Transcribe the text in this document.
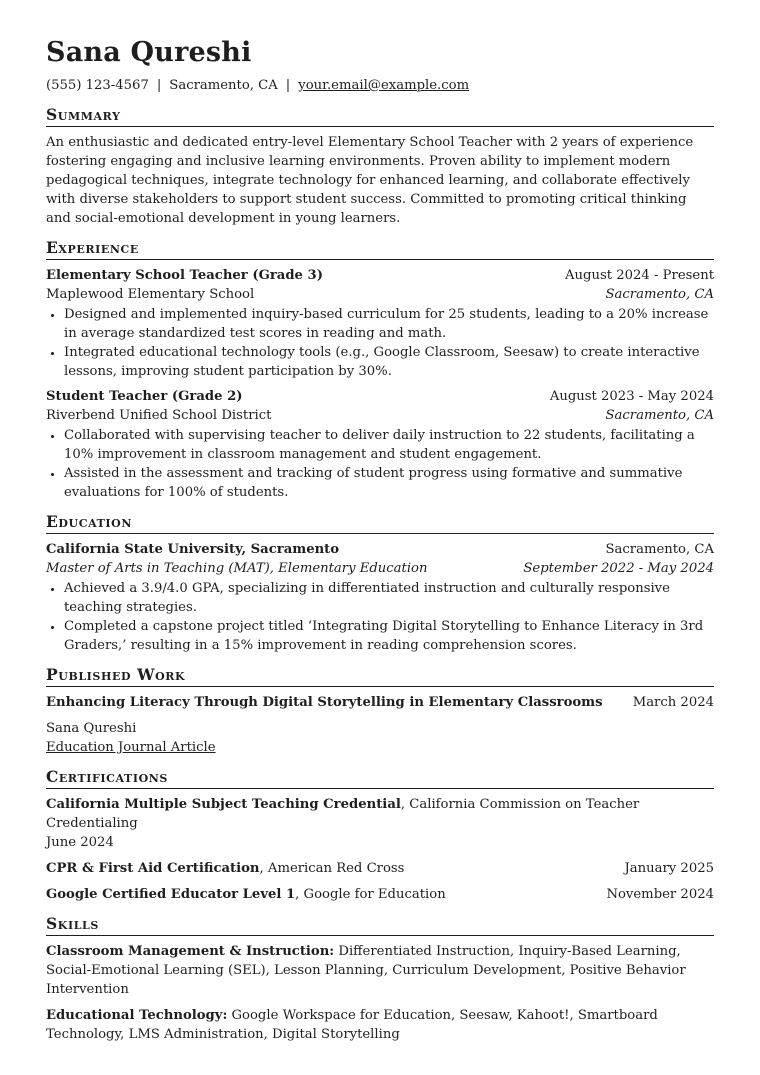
Sana Qureshi
(555) 123-4567 | Sacramento, CA | your.email@example.com
Summary

An enthusiastic and dedicated entry-level Elementary School Teacher with 2 years of experience fostering engaging and inclusive learning environments. Proven ability to implement modern pedagogical techniques, integrate technology for enhanced learning, and collaborate effectively with diverse stakeholders to support student success. Committed to promoting critical thinking and social-emotional development in young learners.

Experience
Elementary School Teacher (Grade 3)	August 2024 - Present
Maplewood Elementary School	Sacramento, CA
• Designed and implemented inquiry-based curriculum for 25 students, leading to a 20% increase in average standardized test scores in reading and math.
• Integrated educational technology tools (e.g., Google Classroom, Seesaw) to create interactive lessons, improving student participation by 30%.
Student Teacher (Grade 2)	August 2023 - May 2024
Riverbend Unified School District	Sacramento, CA
• Collaborated with supervising teacher to deliver daily instruction to 22 students, facilitating a 10% improvement in classroom management and student engagement.
• Assisted in the assessment and tracking of student progress using formative and summative evaluations for 100% of students.
Education
California State University, Sacramento	Sacramento, CA
Master of Arts in Teaching (MAT), Elementary Education	September 2022 - May 2024
• Achieved a 3.9/4.0 GPA, specializing in differentiated instruction and culturally responsive teaching strategies.
• Completed a capstone project titled ‘Integrating Digital Storytelling to Enhance Literacy in 3rd Graders,’ resulting in a 15% improvement in reading comprehension scores.
Published Work
Enhancing Literacy Through Digital Storytelling in Elementary Classrooms March 2024
Sana Qureshi
Education Journal Article
Certifications
California Multiple Subject Teaching Credential, California Commission on Teacher Credentialing
June 2024
CPR & First Aid Certification, American Red Cross	January 2025
Google Certified Educator Level 1, Google for Education	November 2024
Skills
Classroom Management & Instruction: Differentiated Instruction, Inquiry-Based Learning, Social-Emotional Learning (SEL), Lesson Planning, Curriculum Development, Positive Behavior Intervention
Educational Technology: Google Workspace for Education, Seesaw, Kahoot!, Smartboard Technology, LMS Administration, Digital Storytelling
